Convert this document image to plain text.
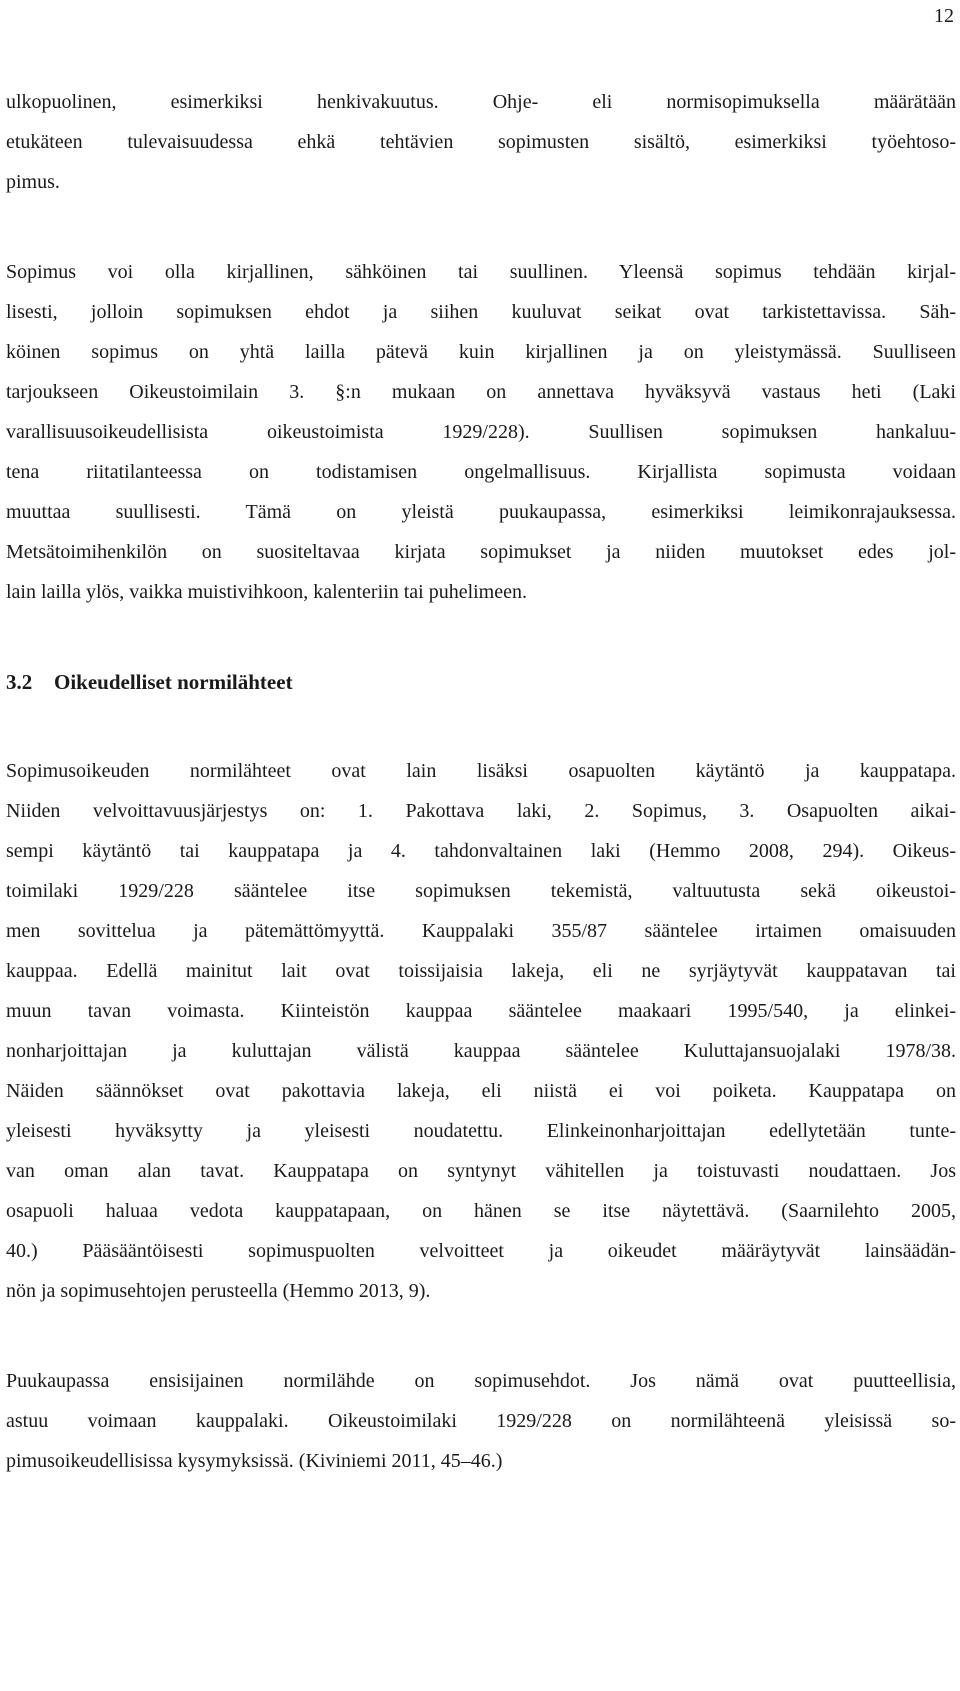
12
ulkopuolinen, esimerkiksi henkivakuutus. Ohje- eli normisopimuksella määrätään
etukäteen tulevaisuudessa ehkä tehtävien sopimusten sisältö, esimerkiksi työehtoso-
pimus.
Sopimus voi olla kirjallinen, sähköinen tai suullinen. Yleensä sopimus tehdään kirjal-
lisesti, jolloin sopimuksen ehdot ja siihen kuuluvat seikat ovat tarkistettavissa. Säh-
köinen sopimus on yhtä lailla pätevä kuin kirjallinen ja on yleistymässä. Suulliseen
tarjoukseen Oikeustoimilain 3. §:n mukaan on annettava hyväksyvä vastaus heti (Laki
varallisuusoikeudellisista oikeustoimista 1929/228). Suullisen sopimuksen hankaluu-
tena riitatilanteessa on todistamisen ongelmallisuus. Kirjallista sopimusta voidaan
muuttaa suullisesti. Tämä on yleistä puukaupassa, esimerkiksi leimikonrajauksessa.
Metsätoimihenkilön on suositeltavaa kirjata sopimukset ja niiden muutokset edes jol-
lain lailla ylös, vaikka muistivihkoon, kalenteriin tai puhelimeen.
3.2 Oikeudelliset normilähteet
Sopimusoikeuden normilähteet ovat lain lisäksi osapuolten käytäntö ja kauppatapa.
Niiden velvoittavuusjärjestys on: 1. Pakottava laki, 2. Sopimus, 3. Osapuolten aikai-
sempi käytäntö tai kauppatapa ja 4. tahdonvaltainen laki (Hemmo 2008, 294). Oikeus-
toimilaki 1929/228 sääntelee itse sopimuksen tekemistä, valtuutusta sekä oikeustoi-
men sovittelua ja pätemättömyyttä. Kauppalaki 355/87 sääntelee irtaimen omaisuuden
kauppaa. Edellä mainitut lait ovat toissijaisia lakeja, eli ne syrjäytyvät kauppatavan tai
muun tavan voimasta. Kiinteistön kauppaa sääntelee maakaari 1995/540, ja elinkei-
nonharjoittajan ja kuluttajan välistä kauppaa sääntelee Kuluttajansuojalaki 1978/38.
Näiden säännökset ovat pakottavia lakeja, eli niistä ei voi poiketa. Kauppatapa on
yleisesti hyväksytty ja yleisesti noudatettu. Elinkeinonharjoittajan edellytetään tunte-
van oman alan tavat. Kauppatapa on syntynyt vähitellen ja toistuvasti noudattaen. Jos
osapuoli haluaa vedota kauppatapaan, on hänen se itse näytettävä. (Saarnilehto 2005,
40.) Pääsääntöisesti sopimuspuolten velvoitteet ja oikeudet määräytyvät lainsäädän-
nön ja sopimusehtojen perusteella (Hemmo 2013, 9).
Puukaupassa ensisijainen normilähde on sopimusehdot. Jos nämä ovat puutteellisia,
astuu voimaan kauppalaki. Oikeustoimilaki 1929/228 on normilähteenä yleisissä so-
pimusoikeudellisissa kysymyksissä. (Kiviniemi 2011, 45–46.)
